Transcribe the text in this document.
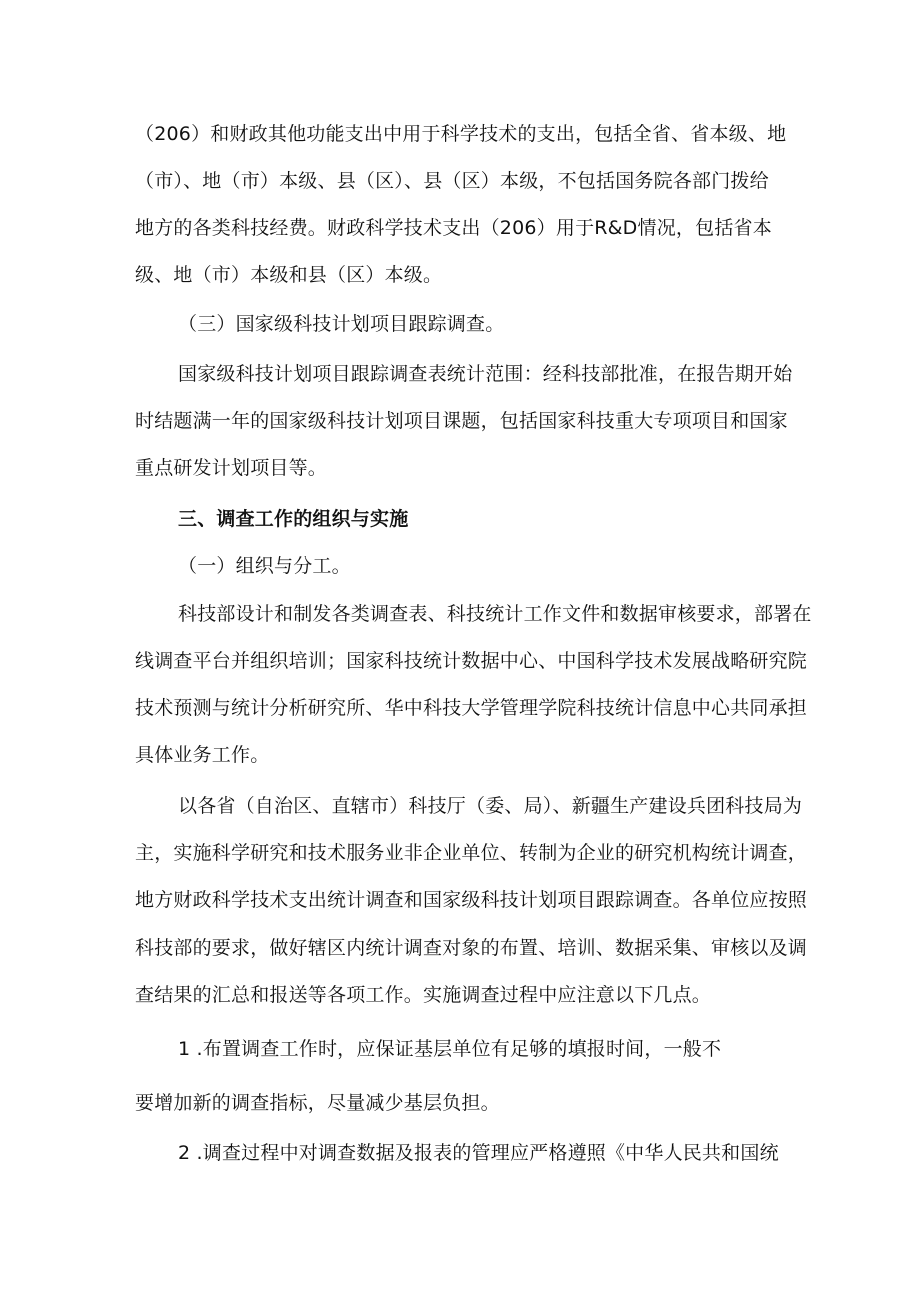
（206）和财政其他功能支出中用于科学技术的支出，包括全省、省本级、地
（市）、地（市）本级、县（区）、县（区）本级，不包括国务院各部门拨给
地方的各类科技经费。财政科学技术支出（206）用于R&D情况，包括省本
级、地（市）本级和县（区）本级。
（三）国家级科技计划项目跟踪调查。
国家级科技计划项目跟踪调查表统计范围：经科技部批准，在报告期开始
时结题满一年的国家级科技计划项目课题，包括国家科技重大专项项目和国家
重点研发计划项目等。
三、调查工作的组织与实施
（一）组织与分工。
科技部设计和制发各类调查表、科技统计工作文件和数据审核要求，部署在
线调查平台并组织培训；国家科技统计数据中心、中国科学技术发展战略研究院
技术预测与统计分析研究所、华中科技大学管理学院科技统计信息中心共同承担
具体业务工作。
以各省（自治区、直辖市）科技厅（委、局）、新疆生产建设兵团科技局为
主，实施科学研究和技术服务业非企业单位、转制为企业的研究机构统计调查，
地方财政科学技术支出统计调查和国家级科技计划项目跟踪调查。各单位应按照
科技部的要求，做好辖区内统计调查对象的布置、培训、数据采集、审核以及调
查结果的汇总和报送等各项工作。实施调查过程中应注意以下几点。
1 .布置调查工作时，应保证基层单位有足够的填报时间，一般不
要增加新的调查指标，尽量减少基层负担。
2 .调查过程中对调查数据及报表的管理应严格遵照《中华人民共和国统
